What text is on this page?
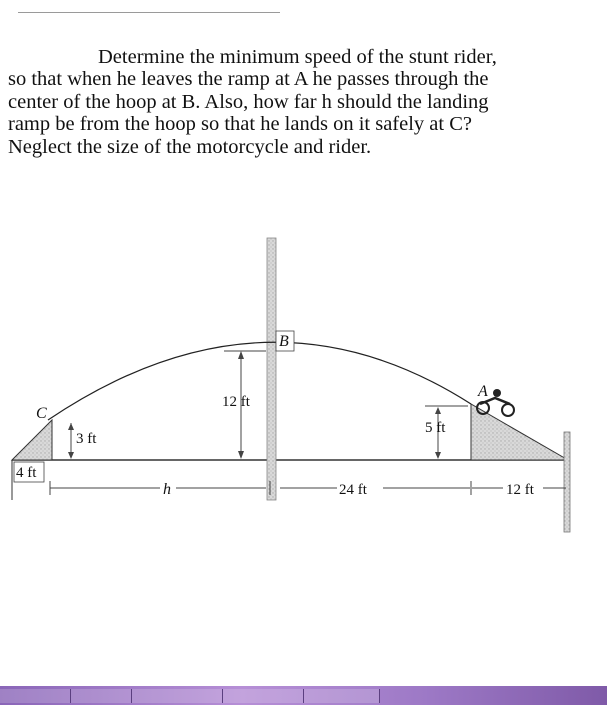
Determine the minimum speed of the stunt rider,
so that when he leaves the ramp at A he passes through the
center of the hoop at B. Also, how far h should the landing
ramp be from the hoop so that he lands on it safely at C?
Neglect the size of the motorcycle and rider.
12 ft
3 ft
5 ft
4 ft
h	24 ft	12 ft
A
B
C
